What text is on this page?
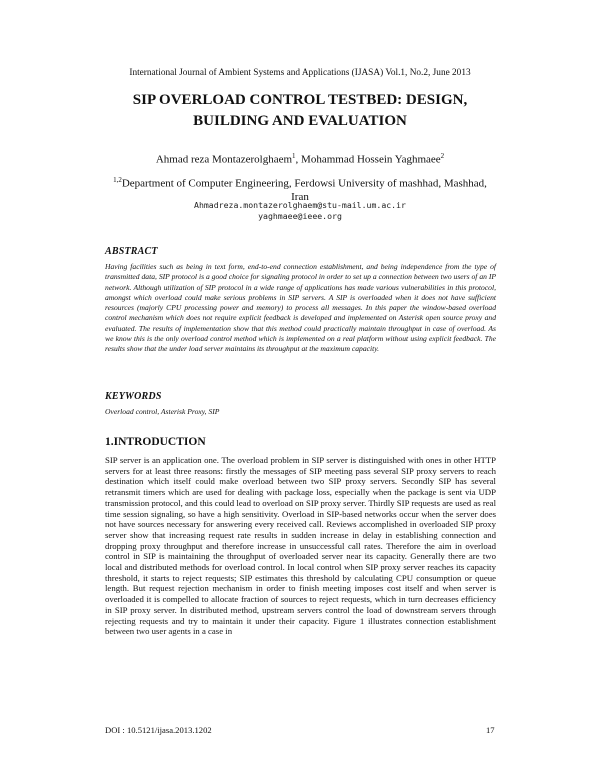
International Journal of Ambient Systems and Applications (IJASA) Vol.1, No.2, June 2013
SIP OVERLOAD CONTROL TESTBED: DESIGN,
BUILDING AND EVALUATION
Ahmad reza Montazerolghaem$^1$, Mohammad Hossein Yaghmaee$^2$
$^{1,2}$Department of Computer Engineering, Ferdowsi University of mashhad, Mashhad, Iran
Ahmadreza.montazerolghaem@stu-mail.um.ac.ir
yaghmaee@ieee.org
ABSTRACT
Having facilities such as being in text form, end-to-end connection establishment, and being independence from the type of transmitted data, SIP protocol is a good choice for signaling protocol in order to set up a connection between two users of an IP network. Although utilization of SIP protocol in a wide range of applications has made various vulnerabilities in this protocol, amongst which overload could make serious problems in SIP servers. A SIP is overloaded when it does not have sufficient resources (majorly CPU processing power and memory) to process all messages. In this paper the window-based overload control mechanism which does not require explicit feedback is developed and implemented on Asterisk open source proxy and evaluated. The results of implementation show that this method could practically maintain throughput in case of overload. As we know this is the only overload control method which is implemented on a real platform without using explicit feedback. The results show that the under load server maintains its throughput at the maximum capacity.
KEYWORDS
Overload control, Asterisk Proxy, SIP
1.INTRODUCTION
SIP server is an application one. The overload problem in SIP server is distinguished with ones in other HTTP servers for at least three reasons: firstly the messages of SIP meeting pass several SIP proxy servers to reach destination which itself could make overload between two SIP proxy servers. Secondly SIP has several retransmit timers which are used for dealing with package loss, especially when the package is sent via UDP transmission protocol, and this could lead to overload on SIP proxy server. Thirdly SIP requests are used as real time session signaling, so have a high sensitivity. Overload in SIP-based networks occur when the server does not have sources necessary for answering every received call. Reviews accomplished in overloaded SIP proxy server show that increasing request rate results in sudden increase in delay in establishing connection and dropping proxy throughput and therefore increase in unsuccessful call rates. Therefore the aim in overload control in SIP is maintaining the throughput of overloaded server near its capacity. Generally there are two local and distributed methods for overload control. In local control when SIP proxy server reaches its capacity threshold, it starts to reject requests; SIP estimates this threshold by calculating CPU consumption or queue length. But request rejection mechanism in order to finish meeting imposes cost itself and when server is overloaded it is compelled to allocate fraction of sources to reject requests, which in turn decreases efficiency in SIP proxy server. In distributed method, upstream servers control the load of downstream servers through rejecting requests and try to maintain it under their capacity. Figure 1 illustrates connection establishment between two user agents in a case in
DOI : 10.5121/ijasa.2013.1202	17
